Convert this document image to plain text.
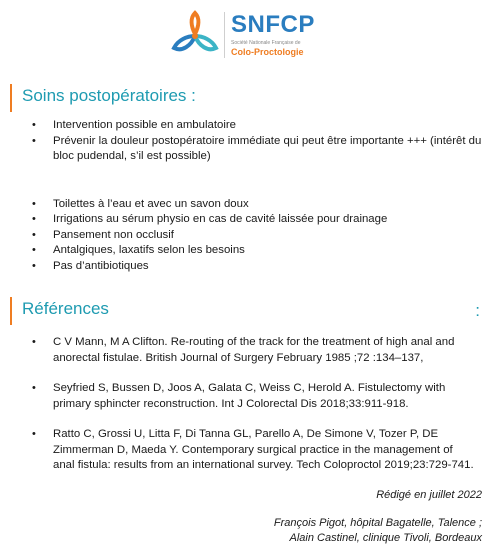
SNFCP
Société Nationale Française de
Colo-Proctologie
Soins postopératoires :
• Intervention possible en ambulatoire
• Prévenir la douleur postopératoire immédiate qui peut être importante +++ (intérêt du bloc pudendal, s’il est possible)
• Toilettes à l’eau et avec un savon doux
• Irrigations au sérum physio en cas de cavité laissée pour drainage
• Pansement non occlusif
• Antalgiques, laxatifs selon les besoins
• Pas d’antibiotiques
Références	:
• C V Mann, M A Clifton. Re-routing of the track for the treatment of high anal and anorectal fistulae. British Journal of Surgery February 1985 ;72 :134–137,
• Seyfried S, Bussen D, Joos A, Galata C, Weiss C, Herold A. Fistulectomy with primary sphincter reconstruction. Int J Colorectal Dis 2018;33:911-918.
• Ratto C, Grossi U, Litta F, Di Tanna GL, Parello A, De Simone V, Tozer P, DE Zimmerman D, Maeda Y. Contemporary surgical practice in the management of anal fistula: results from an international survey. Tech Coloproctol 2019;23:729-741.
Rédigé en juillet 2022
François Pigot, hôpital Bagatelle, Talence ;
Alain Castinel, clinique Tivoli, Bordeaux
